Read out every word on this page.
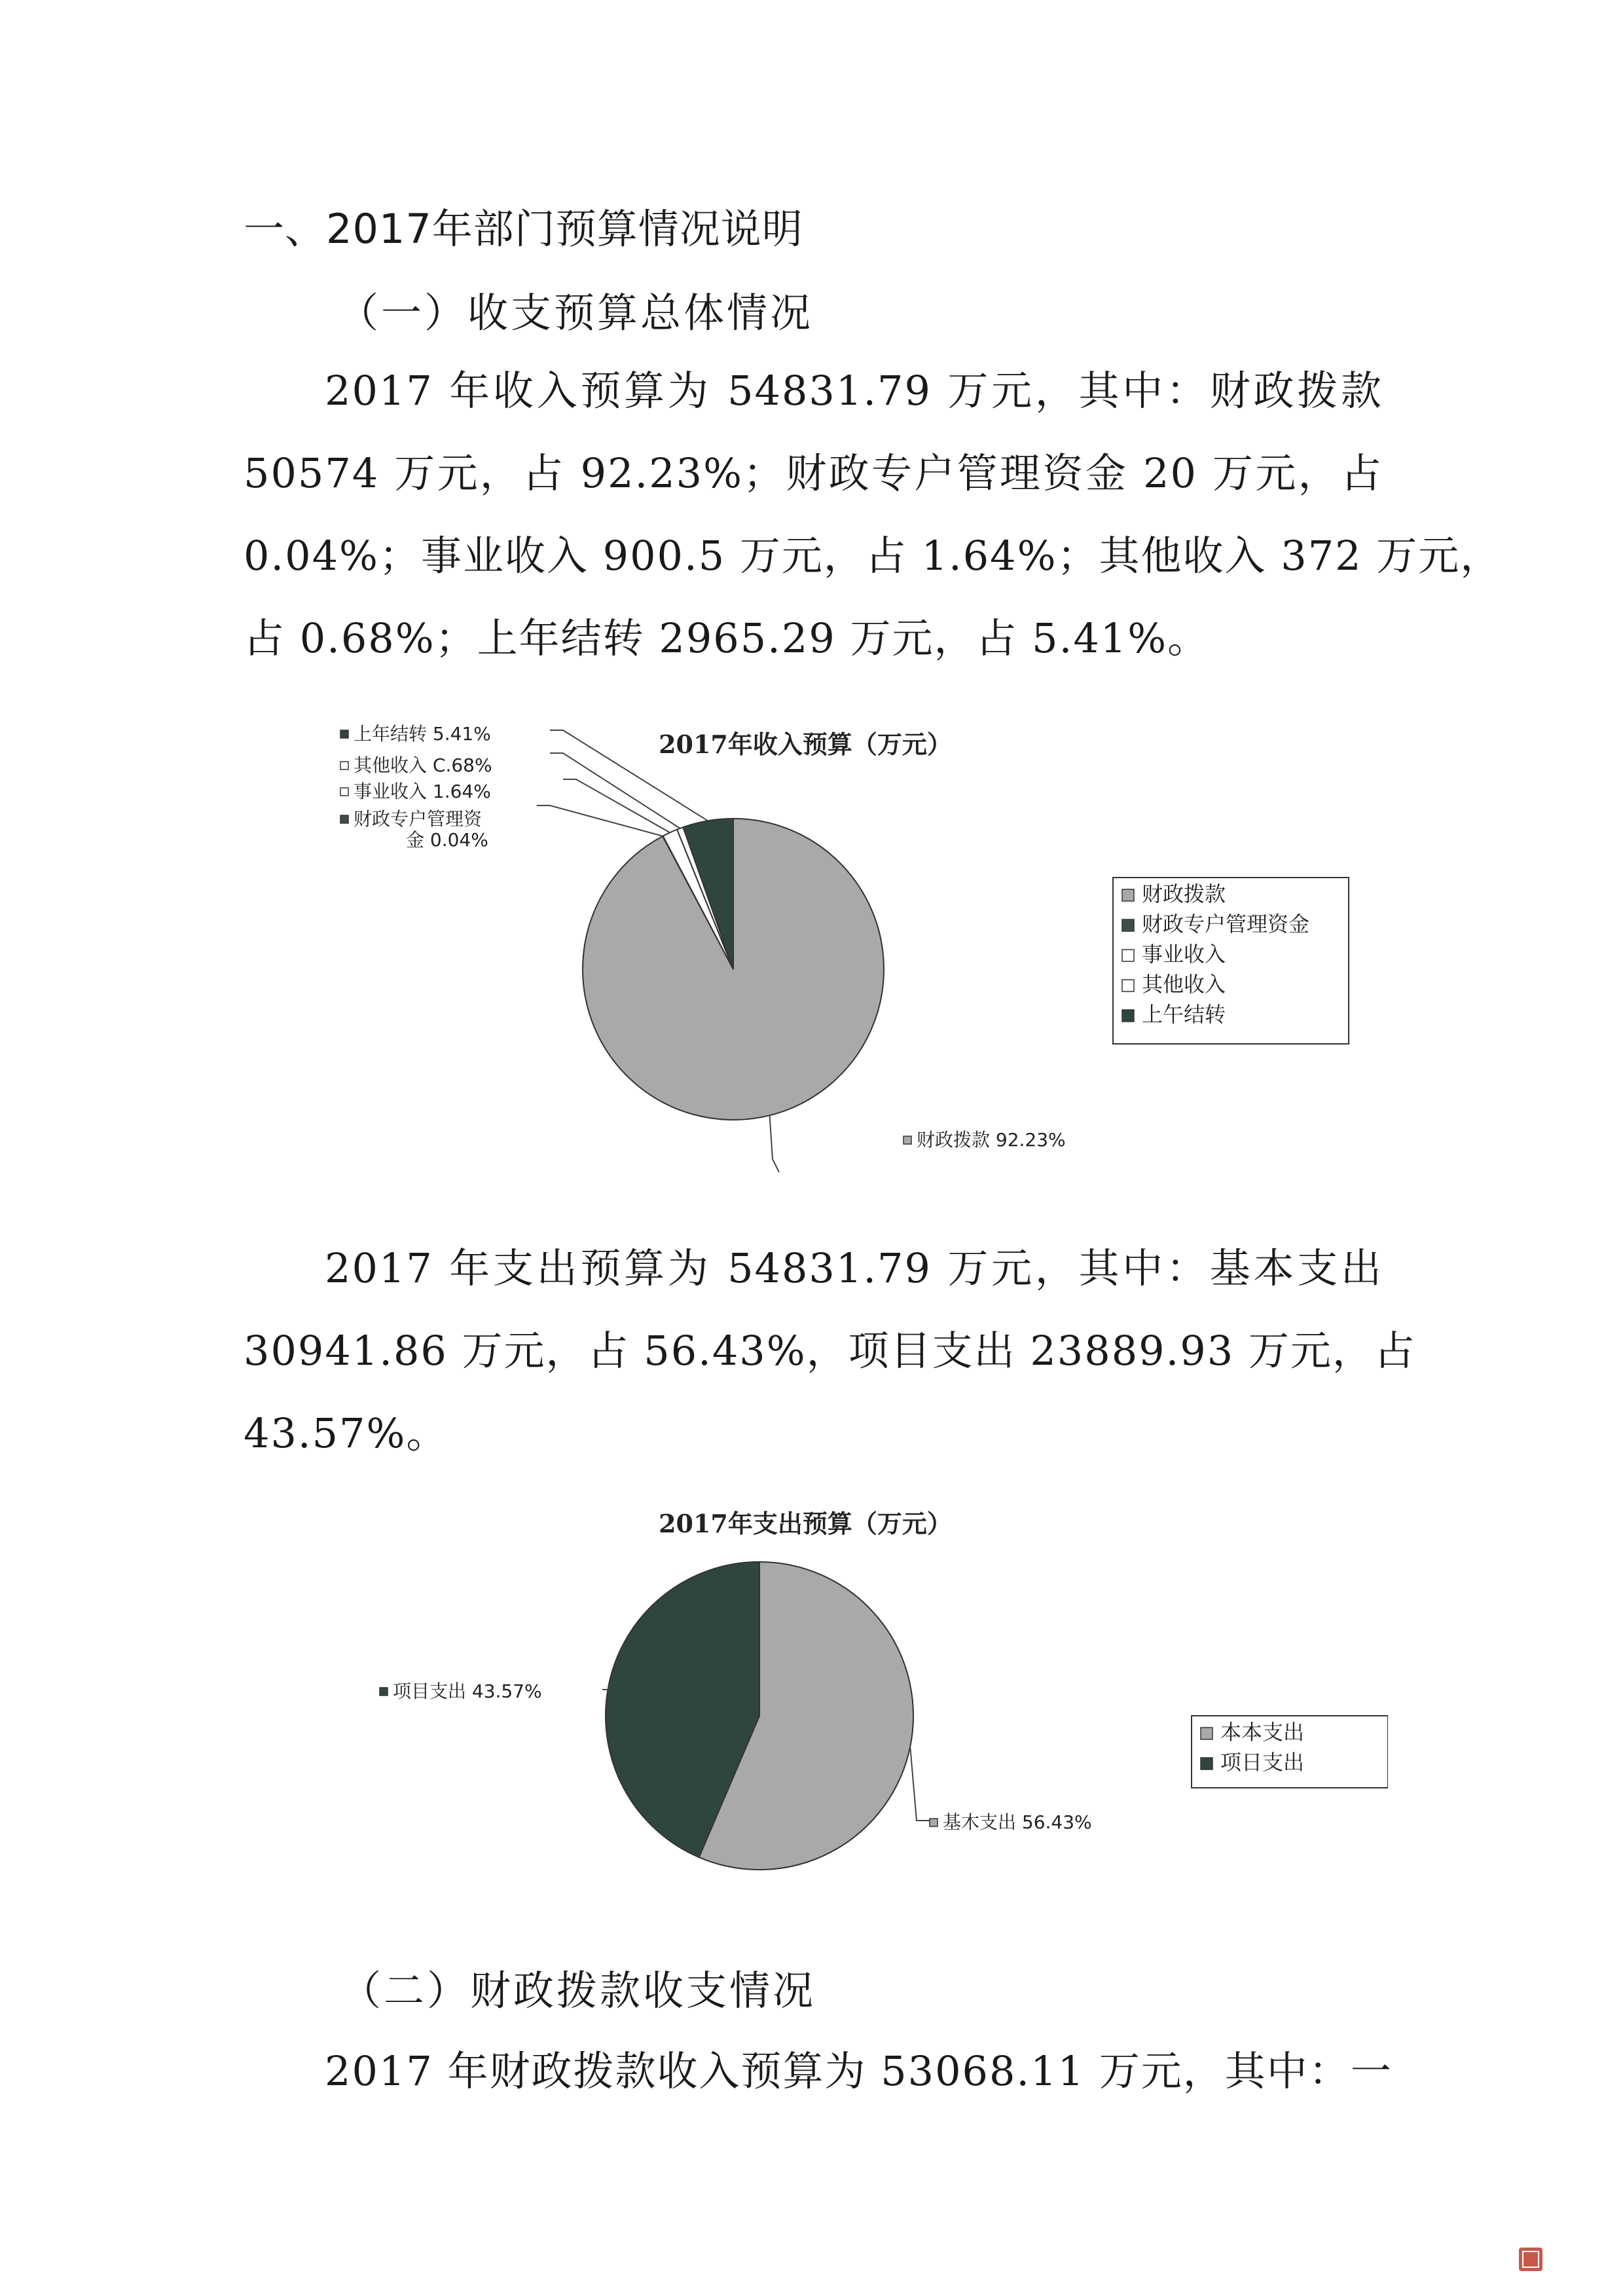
一、2017年部门预算情况说明
（一）收支预算总体情况
2017 年收入预算为 54831.79 万元，其中：财政拨款
50574 万元，占 92.23%；财政专户管理资金 20 万元，占
0.04%；事业收入 900.5 万元，占 1.64%；其他收入 372 万元，
占 0.68%；上年结转 2965.29 万元，占 5.41%。
2017年收入预算（万元）
财政拨款 92.23%
财政专户管理资金 0.04%
事业收入 1.64%
其他收入 C.68%
上年结转 5.41%
财政拨款
财政专户管理资金
事业收入
其他收入
上午结转
2017 年支出预算为 54831.79 万元，其中：基本支出
30941.86 万元，占 56.43%，项目支出 23889.93 万元，占
43.57%。
2017年支出预算（万元）
基木支出 56.43%
项目支出 43.57%
本本支出
项日支出
（二）财政拨款收支情况
2017 年财政拨款收入预算为 53068.11 万元，其中：一
